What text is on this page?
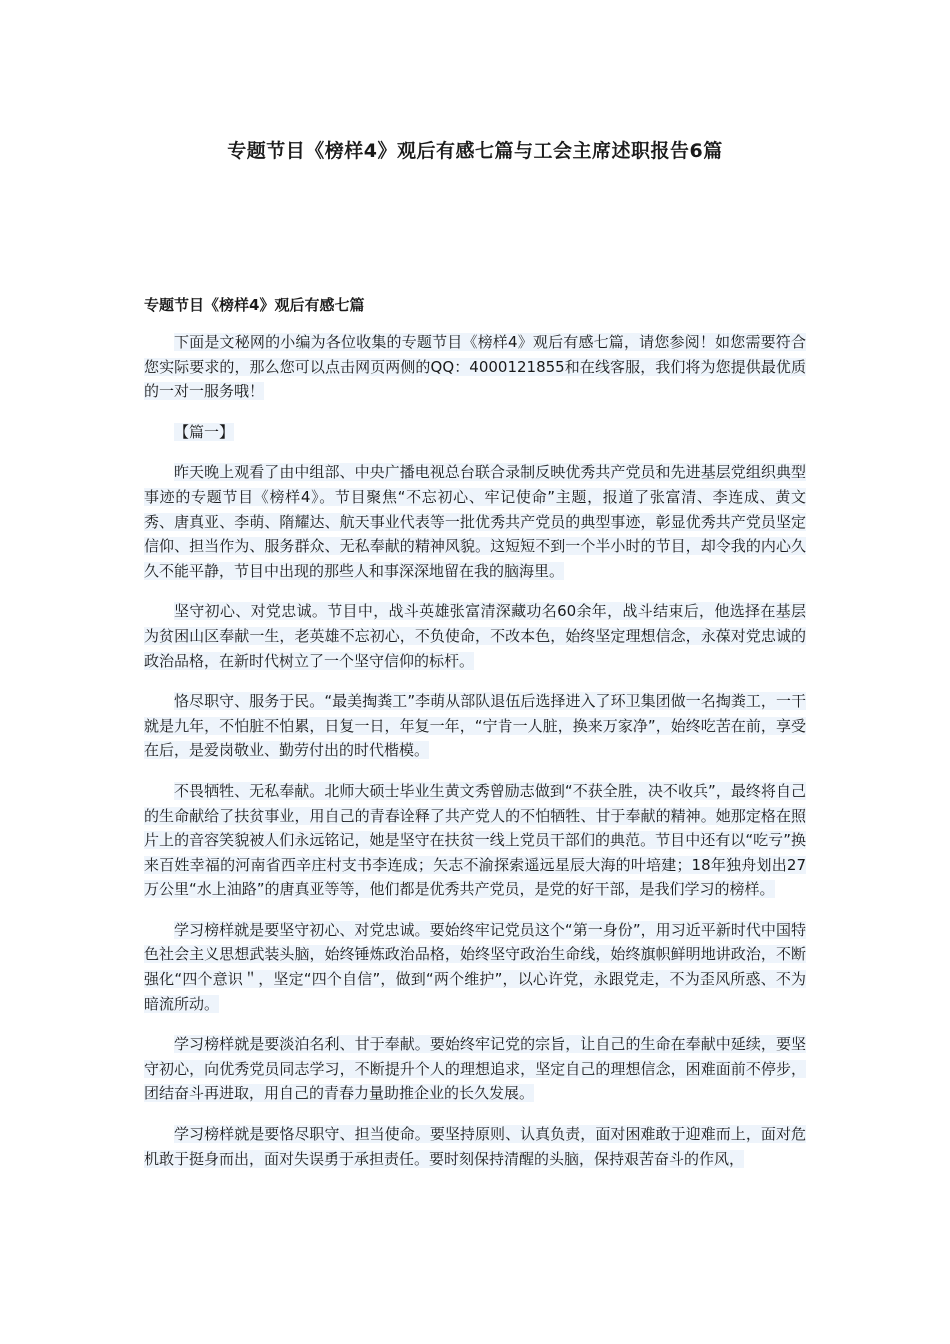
专题节目《榜样4》观后有感七篇与工会主席述职报告6篇
专题节目《榜样4》观后有感七篇

下面是文秘网的小编为各位收集的专题节目《榜样4》观后有感七篇，请您参阅！如您需要符合您实际要求的，那么您可以点击网页两侧的QQ：4000121855和在线客服，我们将为您提供最优质的一对一服务哦！

【篇一】

昨天晚上观看了由中组部、中央广播电视总台联合录制反映优秀共产党员和先进基层党组织典型事迹的专题节目《榜样4》。节目聚焦“不忘初心、牢记使命”主题，报道了张富清、李连成、黄文秀、唐真亚、李萌、隋耀达、航天事业代表等一批优秀共产党员的典型事迹，彰显优秀共产党员坚定信仰、担当作为、服务群众、无私奉献的精神风貌。这短短不到一个半小时的节目，却令我的内心久久不能平静，节目中出现的那些人和事深深地留在我的脑海里。

坚守初心、对党忠诚。节目中，战斗英雄张富清深藏功名60余年，战斗结束后，他选择在基层为贫困山区奉献一生，老英雄不忘初心，不负使命，不改本色，始终坚定理想信念，永葆对党忠诚的政治品格，在新时代树立了一个坚守信仰的标杆。

恪尽职守、服务于民。“最美掏粪工”李萌从部队退伍后选择进入了环卫集团做一名掏粪工，一干就是九年，不怕脏不怕累，日复一日，年复一年，“宁肯一人脏，换来万家净”，始终吃苦在前，享受在后，是爱岗敬业、勤劳付出的时代楷模。

不畏牺牲、无私奉献。北师大硕士毕业生黄文秀曾励志做到“不获全胜，决不收兵”，最终将自己的生命献给了扶贫事业，用自己的青春诠释了共产党人的不怕牺牲、甘于奉献的精神。她那定格在照片上的音容笑貌被人们永远铭记，她是坚守在扶贫一线上党员干部们的典范。节目中还有以“吃亏”换来百姓幸福的河南省西辛庄村支书李连成；矢志不渝探索遥远星辰大海的叶培建；18年独舟划出27万公里“水上油路”的唐真亚等等，他们都是优秀共产党员，是党的好干部，是我们学习的榜样。

学习榜样就是要坚守初心、对党忠诚。要始终牢记党员这个“第一身份”，用习近平新时代中国特色社会主义思想武装头脑，始终锤炼政治品格，始终坚守政治生命线，始终旗帜鲜明地讲政治，不断强化“四个意识＂，坚定“四个自信”，做到“两个维护”，以心许党，永跟党走，不为歪风所惑、不为暗流所动。

学习榜样就是要淡泊名利、甘于奉献。要始终牢记党的宗旨，让自己的生命在奉献中延续，要坚守初心，向优秀党员同志学习，不断提升个人的理想追求，坚定自己的理想信念，困难面前不停步，团结奋斗再进取，用自己的青春力量助推企业的长久发展。

学习榜样就是要恪尽职守、担当使命。要坚持原则、认真负责，面对困难敢于迎难而上，面对危机敢于挺身而出，面对失误勇于承担责任。要时刻保持清醒的头脑，保持艰苦奋斗的作风，
